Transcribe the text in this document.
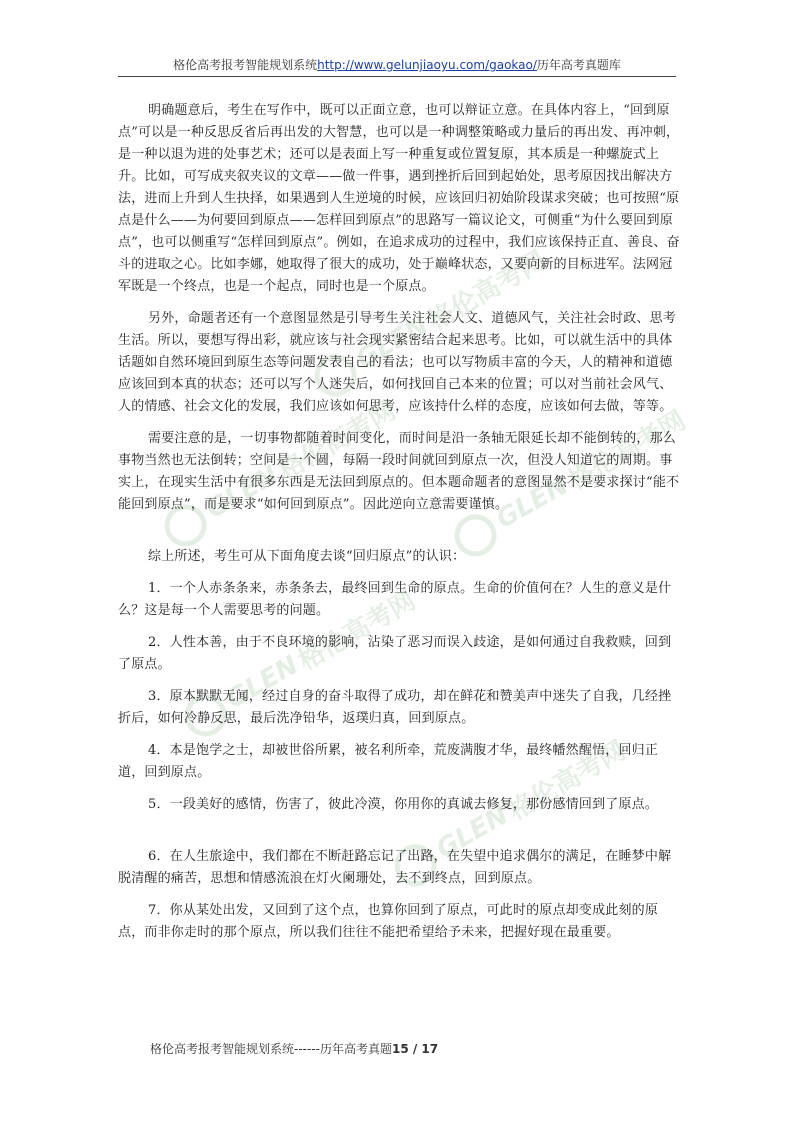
格伦高考报考智能规划系统http://www.gelunjiaoyu.com/gaokao/历年高考真题库
GLEN格伦高考网
GLEN格伦高考网
GLEN格伦高考网
GLEN格伦高考网
GLEN格伦高考网

明确题意后，考生在写作中，既可以正面立意，也可以辩证立意。在具体内容上，“回到原点”可以是一种反思反省后再出发的大智慧，也可以是一种调整策略或力量后的再出发、再冲刺，是一种以退为进的处事艺术；还可以是表面上写一种重复或位置复原，其本质是一种螺旋式上升。比如，可写成夹叙夹议的文章——做一件事，遇到挫折后回到起始处，思考原因找出解决方法，进而上升到人生抉择，如果遇到人生逆境的时候，应该回归初始阶段谋求突破；也可按照“原点是什么——为何要回到原点——怎样回到原点”的思路写一篇议论文，可侧重“为什么要回到原点”，也可以侧重写“怎样回到原点”。例如，在追求成功的过程中，我们应该保持正直、善良、奋斗的进取之心。比如李娜，她取得了很大的成功，处于巅峰状态，又要向新的目标进军。法网冠军既是一个终点，也是一个起点，同时也是一个原点。

另外，命题者还有一个意图显然是引导考生关注社会人文、道德风气，关注社会时政、思考生活。所以，要想写得出彩，就应该与社会现实紧密结合起来思考。比如，可以就生活中的具体话题如自然环境回到原生态等问题发表自己的看法；也可以写物质丰富的今天，人的精神和道德应该回到本真的状态；还可以写个人迷失后，如何找回自己本来的位置；可以对当前社会风气、人的情感、社会文化的发展，我们应该如何思考，应该持什么样的态度，应该如何去做，等等。

需要注意的是，一切事物都随着时间变化，而时间是沿一条轴无限延长却不能倒转的，那么事物当然也无法倒转；空间是一个圆，每隔一段时间就回到原点一次，但没人知道它的周期。事实上，在现实生活中有很多东西是无法回到原点的。但本题命题者的意图显然不是要求探讨“能不能回到原点”，而是要求“如何回到原点”。因此逆向立意需要谨慎。

综上所述，考生可从下面角度去谈“回归原点”的认识：

1．一个人赤条条来，赤条条去，最终回到生命的原点。生命的价值何在？人生的意义是什么？这是每一个人需要思考的问题。

2．人性本善，由于不良环境的影响，沾染了恶习而误入歧途，是如何通过自我救赎，回到了原点。

3．原本默默无闻，经过自身的奋斗取得了成功，却在鲜花和赞美声中迷失了自我，几经挫折后，如何冷静反思，最后洗净铅华，返璞归真，回到原点。

4．本是饱学之士，却被世俗所累，被名利所牵，荒废满腹才华，最终幡然醒悟，回归正道，回到原点。

5．一段美好的感情，伤害了，彼此冷漠，你用你的真诚去修复，那份感情回到了原点。

6．在人生旅途中，我们都在不断赶路忘记了出路，在失望中追求偶尔的满足，在睡梦中解脱清醒的痛苦，思想和情感流浪在灯火阑珊处，去不到终点，回到原点。

7．你从某处出发，又回到了这个点，也算你回到了原点，可此时的原点却变成此刻的原点，而非你走时的那个原点，所以我们往往不能把希望给予未来，把握好现在最重要。

格伦高考报考智能规划系统------历年高考真题15 / 17
